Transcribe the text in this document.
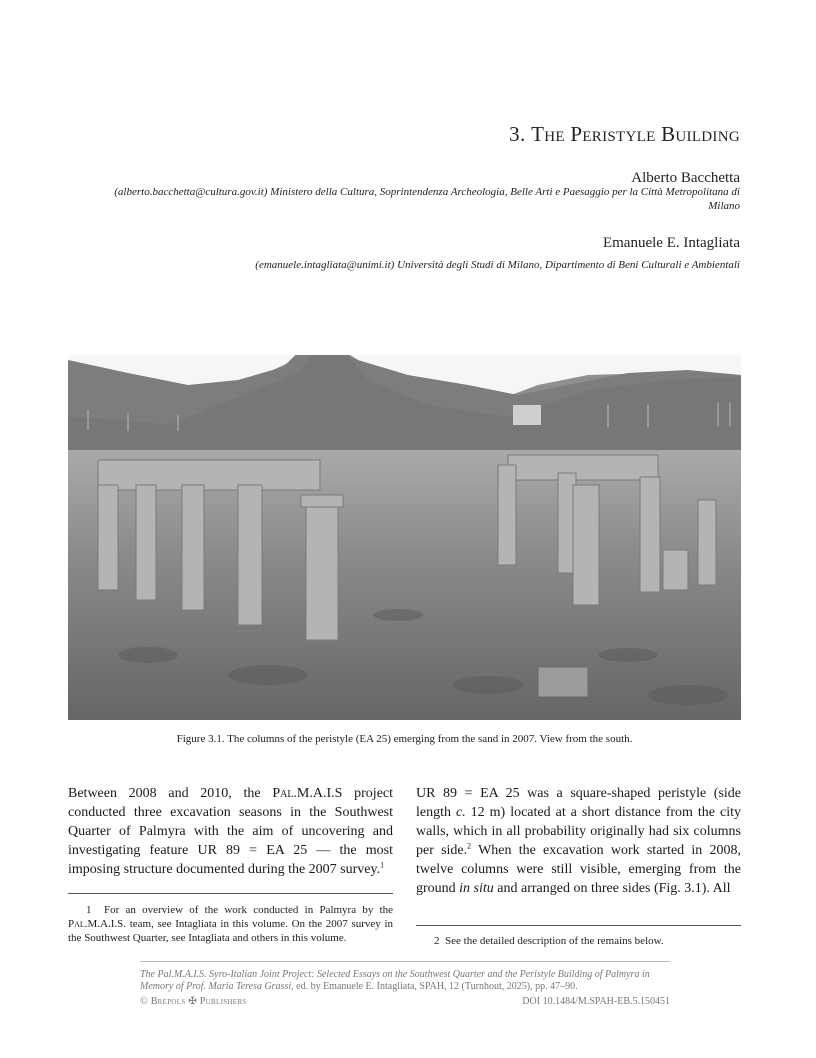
3. The Peristyle Building
Alberto Bacchetta
(alberto.bacchetta@cultura.gov.it) Ministero della Cultura, Soprintendenza Archeologia, Belle Arti e Paesaggio per la Città Metropolitana di Milano
Emanuele E. Intagliata
(emanuele.intagliata@unimi.it) Università degli Studi di Milano, Dipartimento di Beni Culturali e Ambientali
Figure 3.1. The columns of the peristyle (EA 25) emerging from the sand in 2007. View from the south.
Between 2008 and 2010, the Pal.M.A.I.S project conducted three excavation seasons in the Southwest Quarter of Palmyra with the aim of uncovering and investigating feature UR 89 = EA 25 — the most imposing structure documented during the 2007 survey.$^1$
UR 89 = EA 25 was a square-shaped peristyle (side length c. 12 m) located at a short distance from the city walls, which in all probability originally had six columns per side.$^2$ When the excavation work started in 2008, twelve columns were still visible, emerging from the ground in situ and arranged on three sides (Fig. 3.1). All
1 For an overview of the work conducted in Palmyra by the Pal.M.A.I.S. team, see Intagliata in this volume. On the 2007 survey in the Southwest Quarter, see Intagliata and others in this volume.	2 See the detailed description of the remains below.
The Pal.M.A.I.S. Syro-Italian Joint Project: Selected Essays on the Southwest Quarter and the Peristyle Building of Palmyra in Memory of Prof. Maria Teresa Grassi, ed. by Emanuele E. Intagliata, SPAH, 12 (Turnhout, 2025), pp. 47–90.
© Brepols ✠ Publishers	DOI 10.1484/M.SPAH-EB.5.150451
